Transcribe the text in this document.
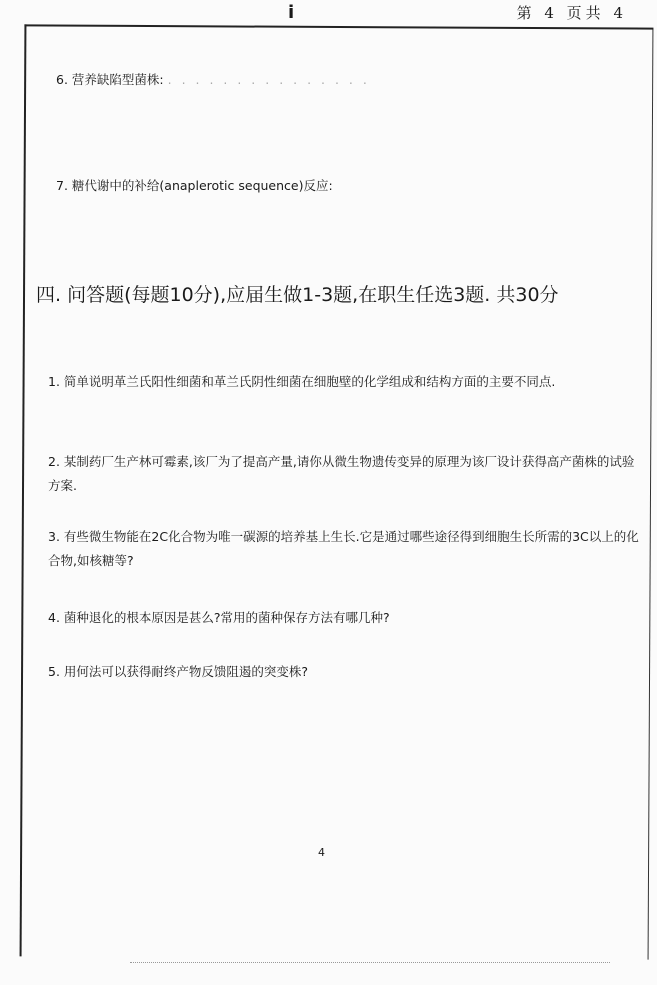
i	第 4 页共 4
6. 营养缺陷型菌株: . . . . . . . . . . . . . . .
7. 糖代谢中的补给(anaplerotic sequence)反应:
四. 问答题(每题10分),应届生做1-3题,在职生任选3题. 共30分
1. 简单说明革兰氏阳性细菌和革兰氏阴性细菌在细胞壁的化学组成和结构方面的主要不同点.
2. 某制药厂生产林可霉素,该厂为了提高产量,请你从微生物遗传变异的原理为该厂设计获得高产菌株的试验方案.
3. 有些微生物能在2C化合物为唯一碳源的培养基上生长.它是通过哪些途径得到细胞生长所需的3C以上的化合物,如核糖等?
4. 菌种退化的根本原因是甚么?常用的菌种保存方法有哪几种?
5. 用何法可以获得耐终产物反馈阻遏的突变株?
4
